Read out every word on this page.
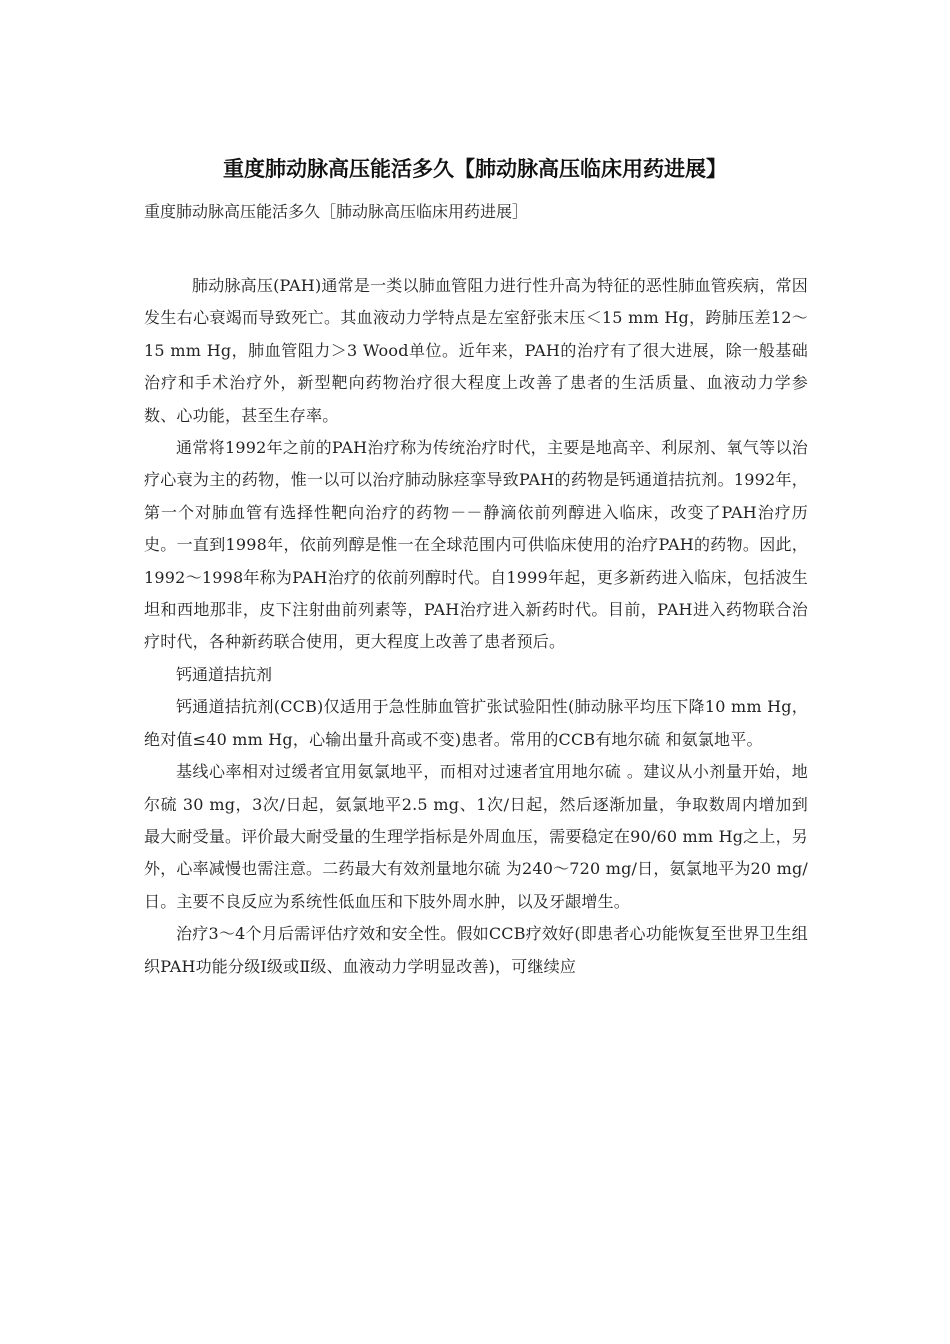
重度肺动脉高压能活多久【肺动脉高压临床用药进展】
重度肺动脉高压能活多久［肺动脉高压临床用药进展］

肺动脉高压(PAH)通常是一类以肺血管阻力进行性升高为特征的恶性肺血管疾病，常因发生右心衰竭而导致死亡。其血液动力学特点是左室舒张末压＜15 mm Hg，跨肺压差12～15 mm Hg，肺血管阻力＞3 Wood单位。近年来，PAH的治疗有了很大进展，除一般基础治疗和手术治疗外，新型靶向药物治疗很大程度上改善了患者的生活质量、血液动力学参数、心功能，甚至生存率。

通常将1992年之前的PAH治疗称为传统治疗时代，主要是地高辛、利尿剂、氧气等以治疗心衰为主的药物，惟一以可以治疗肺动脉痉挛导致PAH的药物是钙通道拮抗剂。1992年，第一个对肺血管有选择性靶向治疗的药物－－静滴依前列醇进入临床，改变了PAH治疗历史。一直到1998年，依前列醇是惟一在全球范围内可供临床使用的治疗PAH的药物。因此，1992～1998年称为PAH治疗的依前列醇时代。自1999年起，更多新药进入临床，包括波生坦和西地那非，皮下注射曲前列素等，PAH治疗进入新药时代。目前，PAH进入药物联合治疗时代，各种新药联合使用，更大程度上改善了患者预后。

钙通道拮抗剂

钙通道拮抗剂(CCB)仅适用于急性肺血管扩张试验阳性(肺动脉平均压下降10 mm Hg，绝对值≤40 mm Hg，心输出量升高或不变)患者。常用的CCB有地尔硫 和氨氯地平。

基线心率相对过缓者宜用氨氯地平，而相对过速者宜用地尔硫 。建议从小剂量开始，地尔硫 30 mg，3次/日起，氨氯地平2.5 mg、1次/日起，然后逐渐加量，争取数周内增加到最大耐受量。评价最大耐受量的生理学指标是外周血压，需要稳定在90/60 mm Hg之上，另外，心率减慢也需注意。二药最大有效剂量地尔硫 为240～720 mg/日，氨氯地平为20 mg/日。主要不良反应为系统性低血压和下肢外周水肿，以及牙龈增生。

治疗3～4个月后需评估疗效和安全性。假如CCB疗效好(即患者心功能恢复至世界卫生组织PAH功能分级Ⅰ级或Ⅱ级、血液动力学明显改善)，可继续应
